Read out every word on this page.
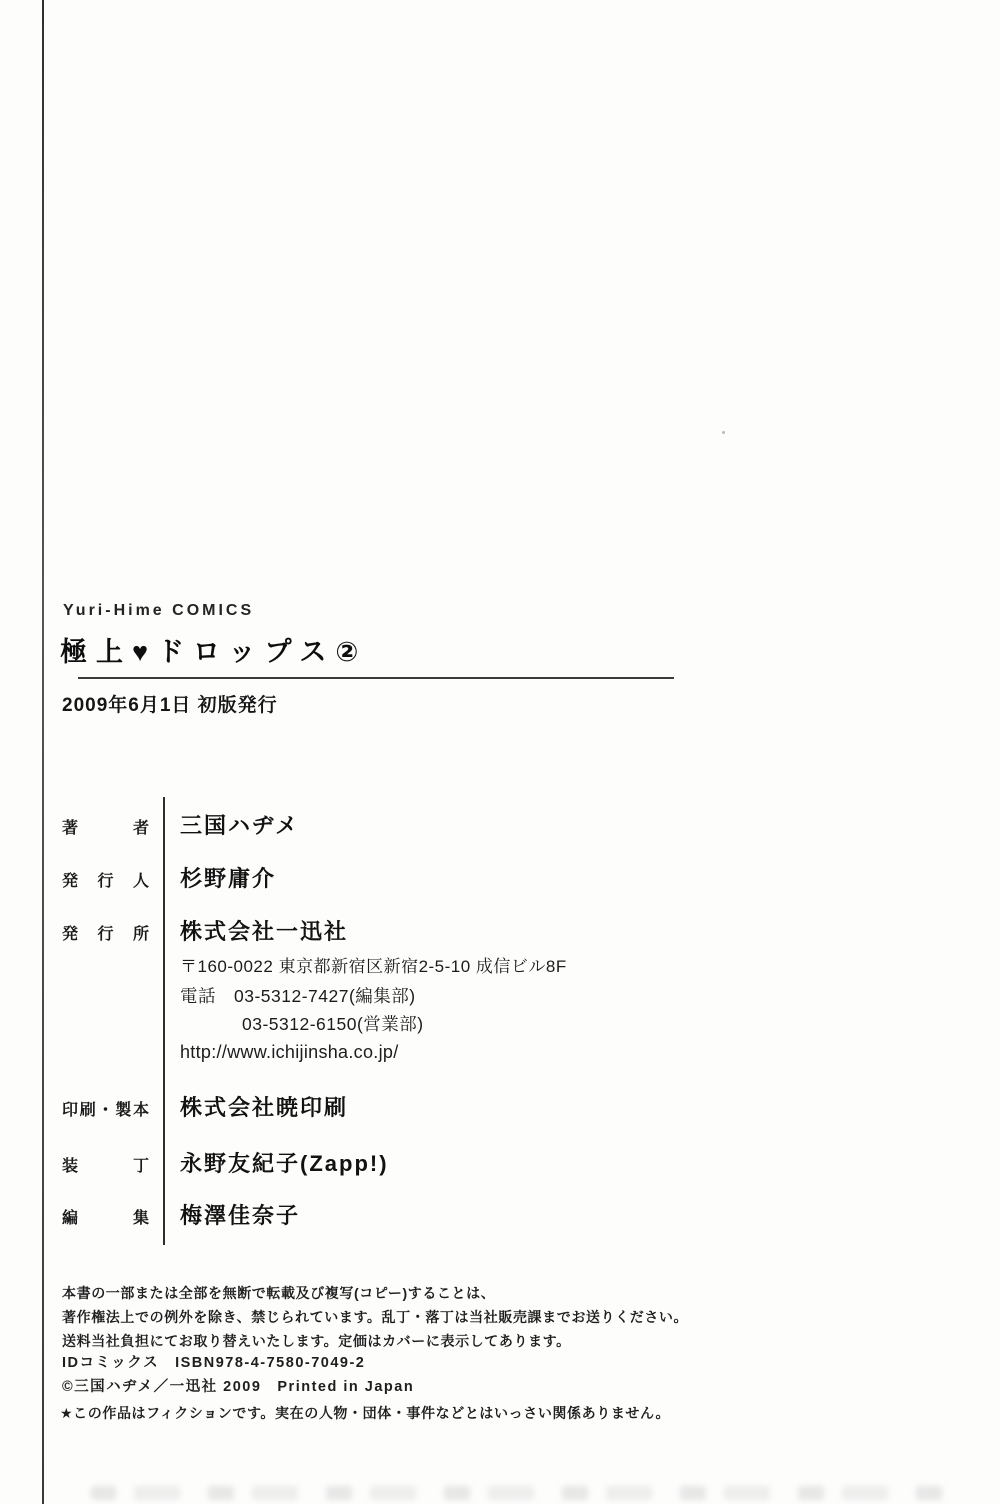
Yuri-Hime COMICS
極上♥ドロップス②
2009年6月1日 初版発行
著者 三国ハヂメ
発行人 杉野庸介
発行所 株式会社一迅社
〒160-0022 東京都新宿区新宿2-5-10 成信ビル8F
電話　03-5312-7427(編集部)
03-5312-6150(営業部)
http://www.ichijinsha.co.jp/
印刷・製本 株式会社暁印刷
装丁 永野友紀子(Zapp!)
編集 梅澤佳奈子
本書の一部または全部を無断で転載及び複写(コピー)することは、
著作権法上での例外を除き、禁じられています。乱丁・落丁は当社販売課までお送りください。
送料当社負担にてお取り替えいたします。定価はカバーに表示してあります。
IDコミックス　ISBN978-4-7580-7049-2
©三国ハヂメ／一迅社 2009　Printed in Japan
★この作品はフィクションです。実在の人物・団体・事件などとはいっさい関係ありません。
